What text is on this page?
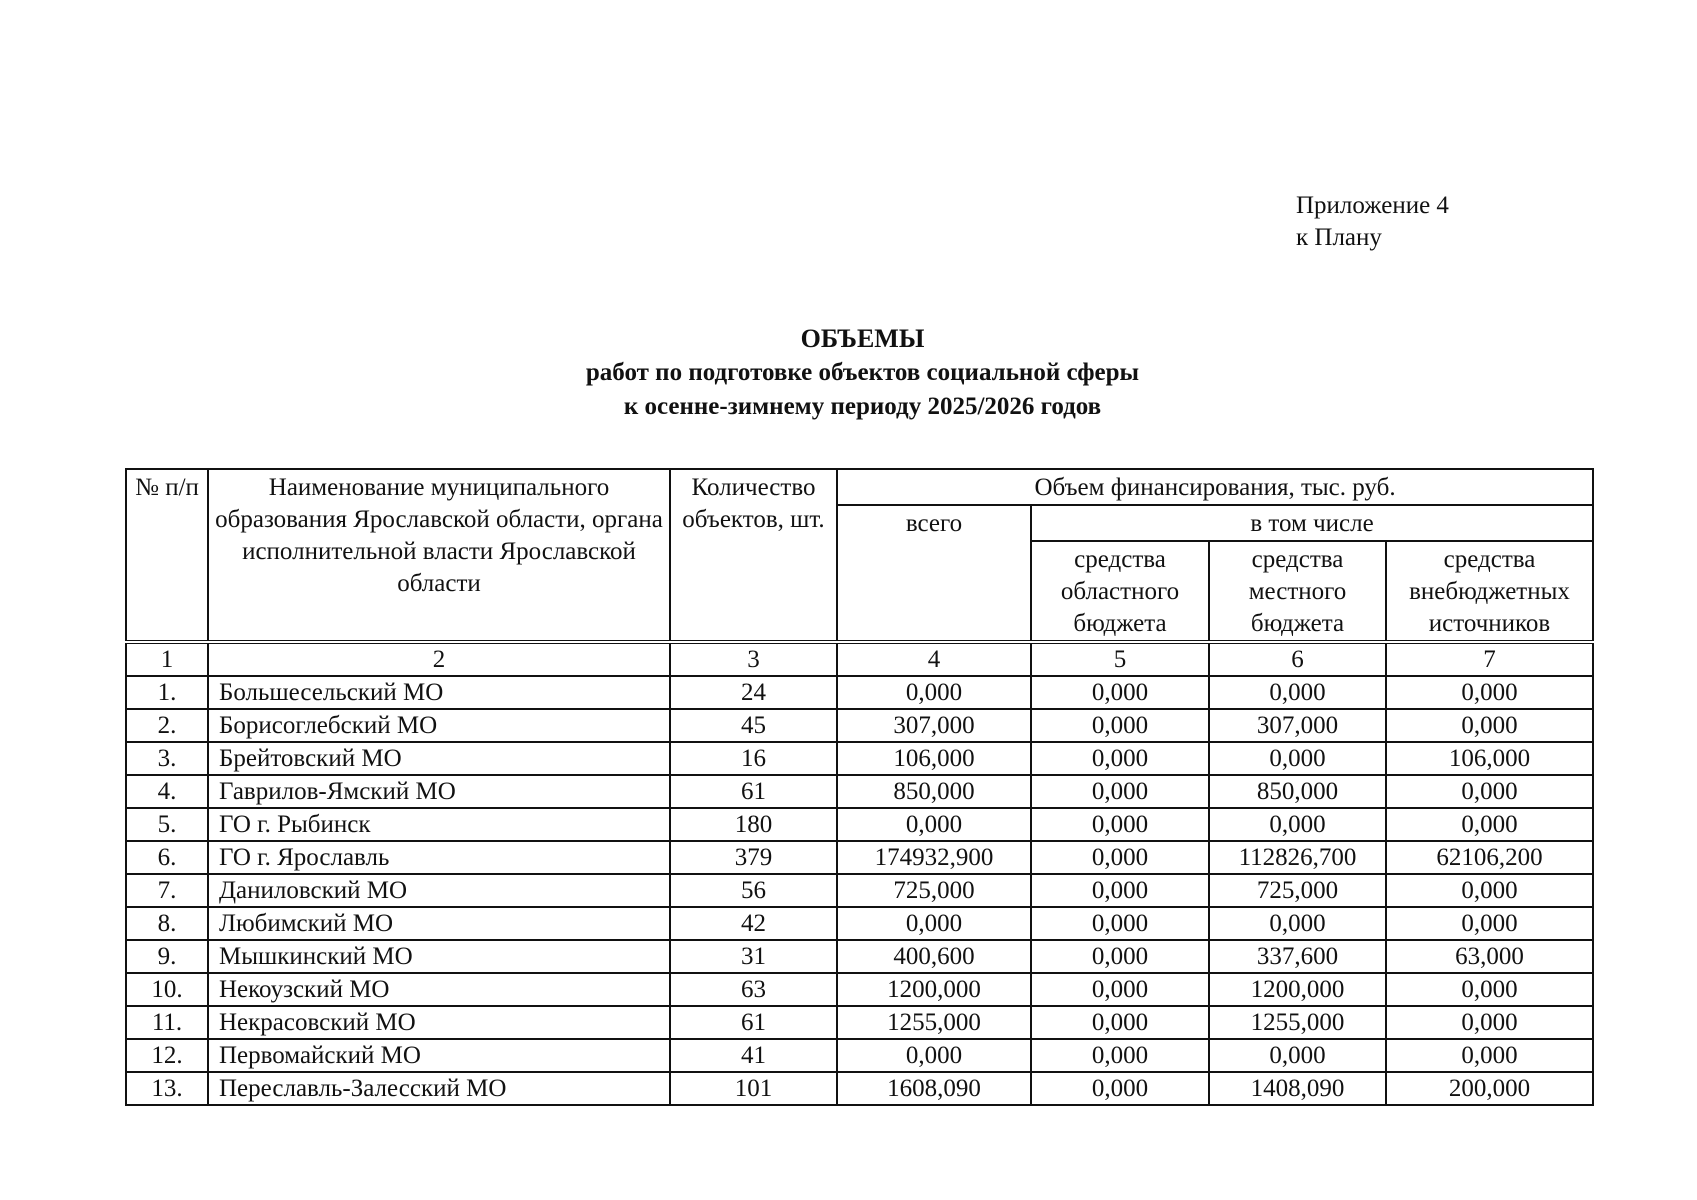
Приложение 4
к Плану
ОБЪЕМЫ
работ по подготовке объектов социальной сферы
к осенне-зимнему периоду 2025/2026 годов
№ п/п	Наименование муниципального образования Ярославской области, органа исполнительной власти Ярославской области	Количество объектов, шт.	Объем финансирования, тыс. руб.			
			всего	в том числе		
				средства областного бюджета	средства местного бюджета	средства внебюджетных источников
1	2	3	4	5	6	7
1.	Большесельский МО	24	0,000	0,000	0,000	0,000
2.	Борисоглебский МО	45	307,000	0,000	307,000	0,000
3.	Брейтовский МО	16	106,000	0,000	0,000	106,000
4.	Гаврилов-Ямский МО	61	850,000	0,000	850,000	0,000
5.	ГО г. Рыбинск	180	0,000	0,000	0,000	0,000
6.	ГО г. Ярославль	379	174932,900	0,000	112826,700	62106,200
7.	Даниловский МО	56	725,000	0,000	725,000	0,000
8.	Любимский МО	42	0,000	0,000	0,000	0,000
9.	Мышкинский МО	31	400,600	0,000	337,600	63,000
10.	Некоузский МО	63	1200,000	0,000	1200,000	0,000
11.	Некрасовский МО	61	1255,000	0,000	1255,000	0,000
12.	Первомайский МО	41	0,000	0,000	0,000	0,000
13.	Переславль-Залесский МО	101	1608,090	0,000	1408,090	200,000
